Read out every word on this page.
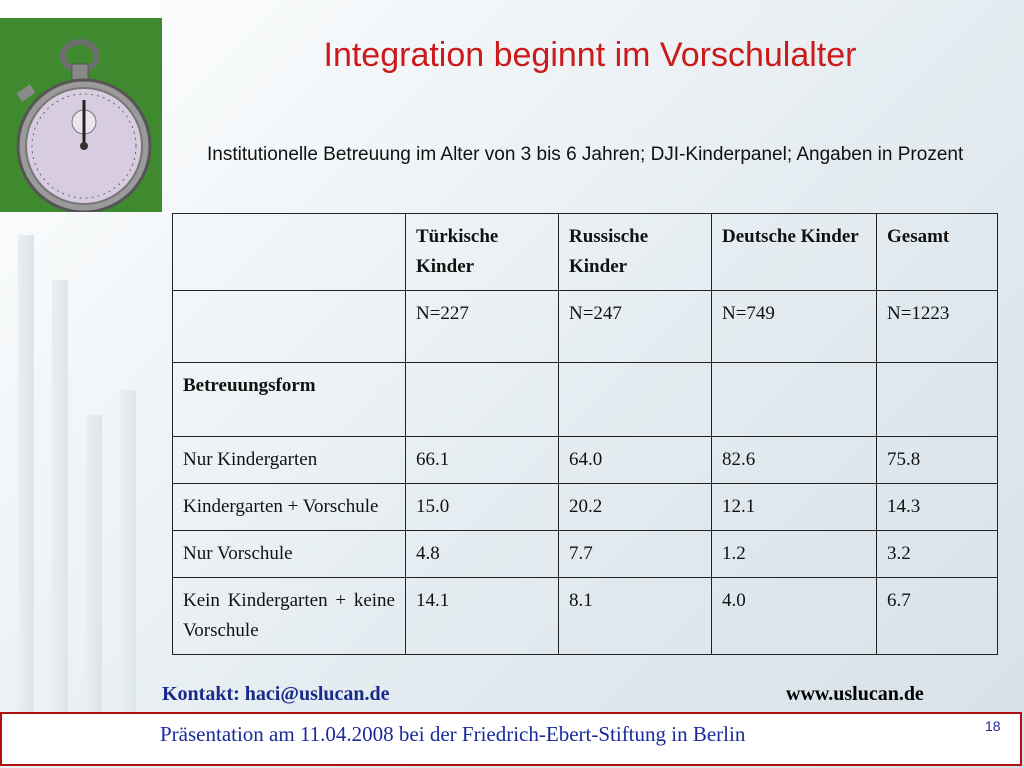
Integration beginnt im Vorschulalter
Institutionelle Betreuung im Alter von 3 bis 6 Jahren; DJI-Kinderpanel; Angaben in Prozent
	Türkische Kinder	Russische Kinder	Deutsche Kinder	Gesamt
	N=227	N=247	N=749	N=1223
Betreuungsform				
Nur Kindergarten	66.1	64.0	82.6	75.8
Kindergarten + Vorschule	15.0	20.2	12.1	14.3
Nur Vorschule	4.8	7.7	1.2	3.2
Kein Kindergarten + keine Vorschule	14.1	8.1	4.0	6.7
Kontakt: haci@uslucan.de	www.uslucan.de
Präsentation am 11.04.2008 bei der Friedrich-Ebert-Stiftung in Berlin	18
